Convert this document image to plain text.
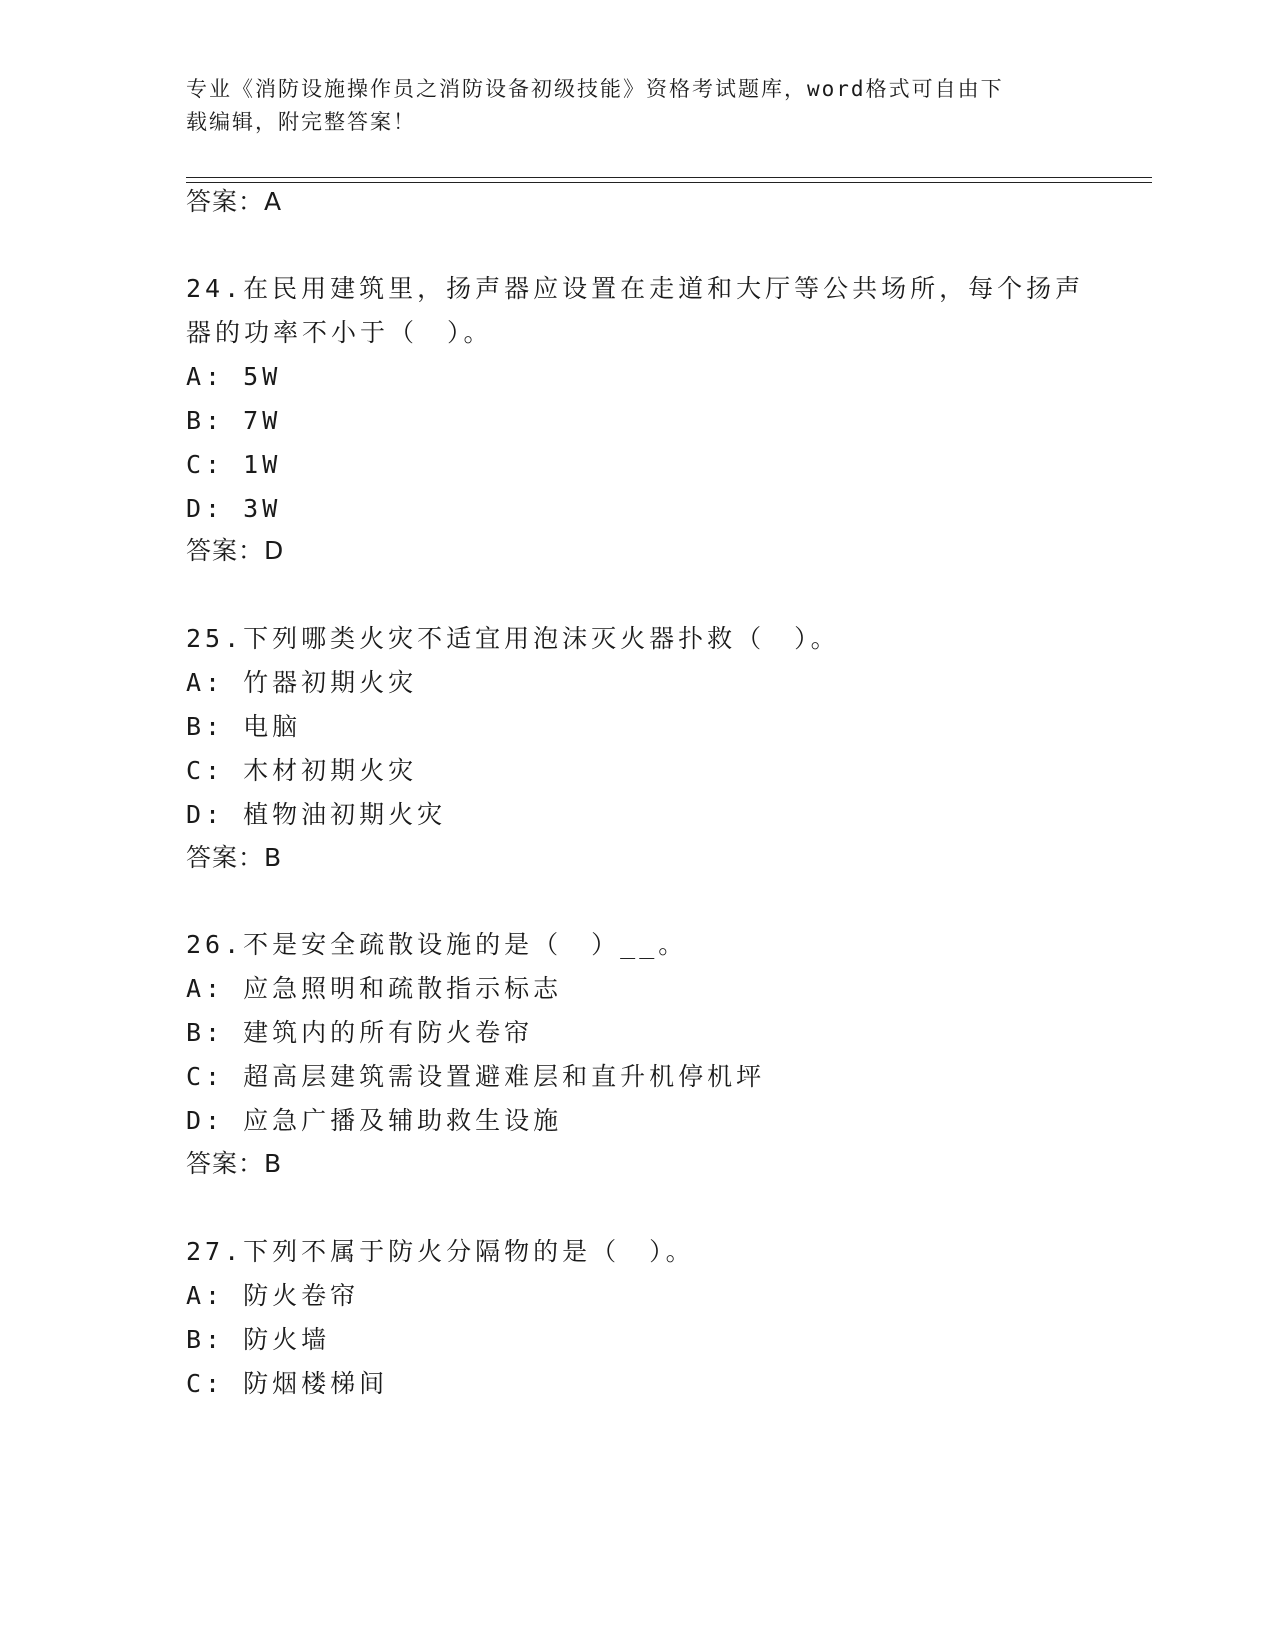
专业《消防设施操作员之消防设备初级技能》资格考试题库，word格式可自由下
载编辑，附完整答案！
答案：A
24.在民用建筑里，扬声器应设置在走道和大厅等公共场所，每个扬声
器的功率不小于（　）。
A: 5W
B: 7W
C: 1W
D: 3W
答案：D
25.下列哪类火灾不适宜用泡沫灭火器扑救（　）。
A: 竹器初期火灾
B: 电脑
C: 木材初期火灾
D: 植物油初期火灾
答案：B
26.不是安全疏散设施的是（　）__。
A: 应急照明和疏散指示标志
B: 建筑内的所有防火卷帘
C: 超高层建筑需设置避难层和直升机停机坪
D: 应急广播及辅助救生设施
答案：B
27.下列不属于防火分隔物的是（　）。
A: 防火卷帘
B: 防火墙
C: 防烟楼梯间
